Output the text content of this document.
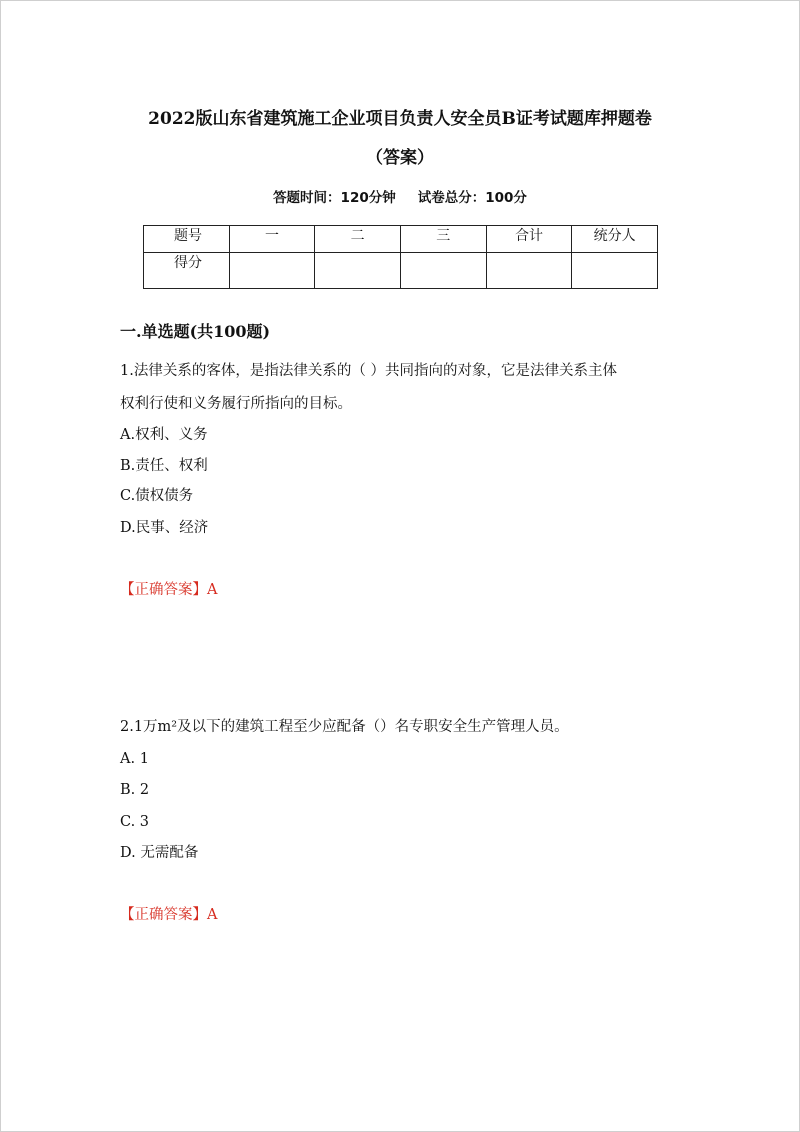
2022版山东省建筑施工企业项目负责人安全员B证考试题库押题卷
（答案）
答题时间：120分钟 试卷总分：100分
题号	一	二	三	合计	统分人
得分					
一.单选题(共100题)
1.法律关系的客体，是指法律关系的（ ）共同指向的对象，它是法律关系主体
权利行使和义务履行所指向的目标。
A.权利、义务
B.责任、权利
C.债权债务
D.民事、经济
【正确答案】A
2.1万m²及以下的建筑工程至少应配备（）名专职安全生产管理人员。
A. 1
B. 2
C. 3
D. 无需配备
【正确答案】A
